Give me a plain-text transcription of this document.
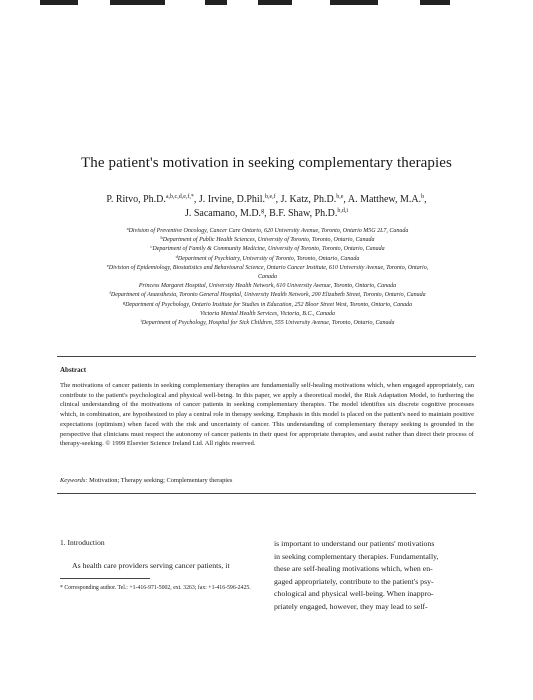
The patient's motivation in seeking complementary therapies
P. Ritvo, Ph.D.$^{a,b,c,d,e,f,*}$, J. Irvine, D.Phil.$^{b,e,f}$, J. Katz, Ph.D.$^{b,e}$, A. Matthew, M.A.$^b$,
J. Sacamano, M.D.$^g$, B.F. Shaw, Ph.D.$^{b,d,i}$
$^a$Division of Preventive Oncology, Cancer Care Ontario, 620 University Avenue, Toronto, Ontario M5G 2L7, Canada
$^b$Department of Public Health Sciences, University of Toronto, Toronto, Ontario, Canada
$^c$Department of Family & Community Medicine, University of Toronto, Toronto, Ontario, Canada
$^d$Department of Psychiatry, University of Toronto, Toronto, Ontario, Canada
$^e$Division of Epidemiology, Biostatistics and Behavioural Science, Ontario Cancer Institute, 610 University Avenue, Toronto, Ontario,
Canada
Princess Margaret Hospital, University Health Network, 610 University Avenue, Toronto, Ontario, Canada
$^f$Department of Anaesthesia, Toronto General Hospital, University Health Network, 200 Elizabeth Street, Toronto, Ontario, Canada
$^g$Department of Psychology, Ontario Institute for Studies in Education, 252 Bloor Street West, Toronto, Ontario, Canada
Victoria Mental Health Services, Victoria, B.C., Canada
$^i$Department of Psychology, Hospital for Sick Children, 555 University Avenue, Toronto, Ontario, Canada
Abstract
The motivations of cancer patients in seeking complementary therapies are fundamentally self-healing motivations which, when engaged appropriately, can contribute to the patient's psychological and physical well-being. In this paper, we apply a theoretical model, the Risk Adaptation Model, to furthering the clinical understanding of the motivations of cancer patients in seeking complementary therapies. The model identifies six discrete cognitive processes which, in combination, are hypothesized to play a central role in therapy seeking. Emphasis in this model is placed on the patient's need to maintain positive expectations (optimism) when faced with the risk and uncertainty of cancer. This understanding of complementary therapy seeking is grounded in the perspective that clinicians must respect the autonomy of cancer patients in their quest for appropriate therapies, and assist rather than direct their process of therapy-seeking. © 1999 Elsevier Science Ireland Ltd. All rights reserved.
Keywords: Motivation; Therapy seeking; Complementary therapies
1. Introduction
As health care providers serving cancer patients, it
* Corresponding author. Tel.: +1-416-971-5002, ext. 3263; fax: +1-416-596-2425.
is important to understand our patients' motivations
in seeking complementary therapies. Fundamentally,
these are self-healing motivations which, when en-
gaged appropriately, contribute to the patient's psy-
chological and physical well-being. When inappro-
priately engaged, however, they may lead to self-
